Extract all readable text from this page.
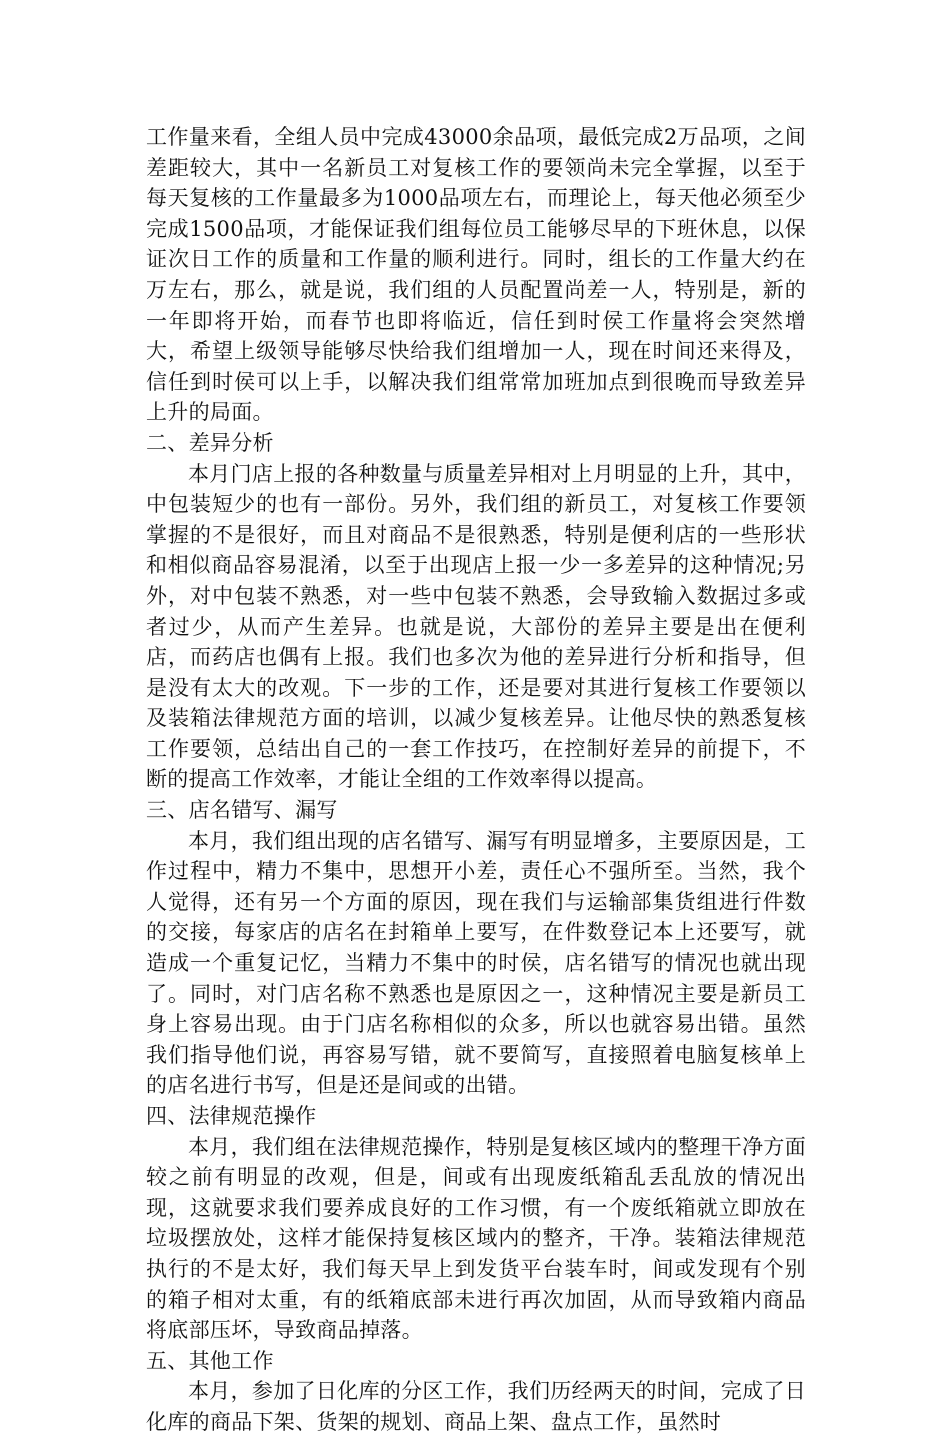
工作量来看，全组人员中完成43000余品项，最低完成2万品项，之间差距较大，其中一名新员工对复核工作的要领尚未完全掌握，以至于每天复核的工作量最多为1000品项左右，而理论上，每天他必须至少完成1500品项，才能保证我们组每位员工能够尽早的下班休息，以保证次日工作的质量和工作量的顺利进行。同时，组长的工作量大约在万左右，那么，就是说，我们组的人员配置尚差一人，特别是，新的一年即将开始，而春节也即将临近，信任到时侯工作量将会突然增大，希望上级领导能够尽快给我们组增加一人，现在时间还来得及，信任到时侯可以上手，以解决我们组常常加班加点到很晚而导致差异上升的局面。

二、差异分析

本月门店上报的各种数量与质量差异相对上月明显的上升，其中，中包装短少的也有一部份。另外，我们组的新员工，对复核工作要领掌握的不是很好，而且对商品不是很熟悉，特别是便利店的一些形状和相似商品容易混淆，以至于出现店上报一少一多差异的这种情况;另外，对中包装不熟悉，对一些中包装不熟悉，会导致输入数据过多或者过少，从而产生差异。也就是说，大部份的差异主要是出在便利店，而药店也偶有上报。我们也多次为他的差异进行分析和指导，但是没有太大的改观。下一步的工作，还是要对其进行复核工作要领以及装箱法律规范方面的培训，以减少复核差异。让他尽快的熟悉复核工作要领，总结出自己的一套工作技巧，在控制好差异的前提下，不断的提高工作效率，才能让全组的工作效率得以提高。

三、店名错写、漏写

本月，我们组出现的店名错写、漏写有明显增多，主要原因是，工作过程中，精力不集中，思想开小差，责任心不强所至。当然，我个人觉得，还有另一个方面的原因，现在我们与运输部集货组进行件数的交接，每家店的店名在封箱单上要写，在件数登记本上还要写，就造成一个重复记忆，当精力不集中的时侯，店名错写的情况也就出现了。同时，对门店名称不熟悉也是原因之一，这种情况主要是新员工身上容易出现。由于门店名称相似的众多，所以也就容易出错。虽然我们指导他们说，再容易写错，就不要简写，直接照着电脑复核单上的店名进行书写，但是还是间或的出错。

四、法律规范操作

本月，我们组在法律规范操作，特别是复核区域内的整理干净方面较之前有明显的改观，但是，间或有出现废纸箱乱丢乱放的情况出现，这就要求我们要养成良好的工作习惯，有一个废纸箱就立即放在垃圾摆放处，这样才能保持复核区域内的整齐，干净。装箱法律规范执行的不是太好，我们每天早上到发货平台装车时，间或发现有个别的箱子相对太重，有的纸箱底部未进行再次加固，从而导致箱内商品将底部压坏，导致商品掉落。

五、其他工作

本月，参加了日化库的分区工作，我们历经两天的时间，完成了日化库的商品下架、货架的规划、商品上架、盘点工作，虽然时
